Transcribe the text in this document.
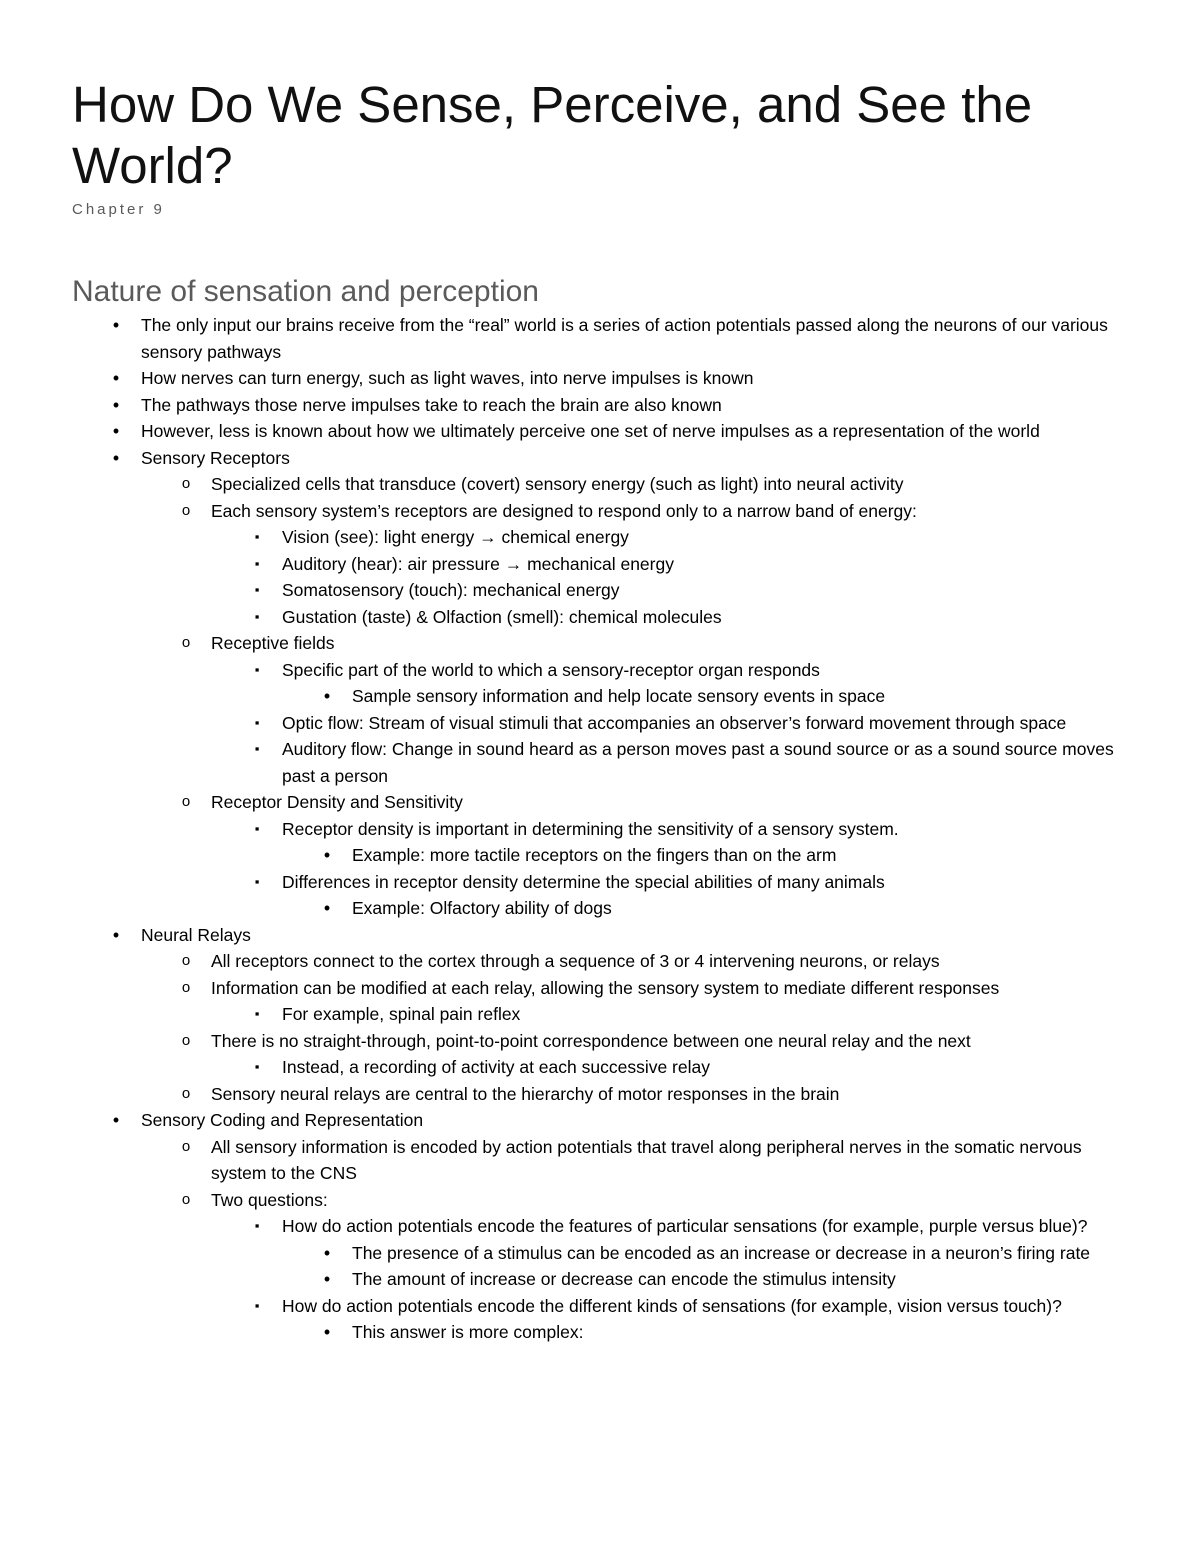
How Do We Sense, Perceive, and See the World?

Chapter 9

Nature of sensation and perception
•	The only input our brains receive from the “real” world is a series of action potentials passed along the neurons of our various sensory pathways
•	How nerves can turn energy, such as light waves, into nerve impulses is known
•	The pathways those nerve impulses take to reach the brain are also known
•	However, less is known about how we ultimately perceive one set of nerve impulses as a representation of the world
•	Sensory Receptors
o	Specialized cells that transduce (covert) sensory energy (such as light) into neural activity
o	Each sensory system’s receptors are designed to respond only to a narrow band of energy:
▪	Vision (see): light energy → chemical energy
▪	Auditory (hear): air pressure → mechanical energy
▪	Somatosensory (touch): mechanical energy
▪	Gustation (taste) & Olfaction (smell): chemical molecules
o	Receptive fields
▪	Specific part of the world to which a sensory-receptor organ responds
•	Sample sensory information and help locate sensory events in space
▪	Optic flow: Stream of visual stimuli that accompanies an observer’s forward movement through space
▪	Auditory flow: Change in sound heard as a person moves past a sound source or as a sound source moves past a person
o	Receptor Density and Sensitivity
▪	Receptor density is important in determining the sensitivity of a sensory system.
•	Example: more tactile receptors on the fingers than on the arm
▪	Differences in receptor density determine the special abilities of many animals
•	Example: Olfactory ability of dogs
•	Neural Relays
o	All receptors connect to the cortex through a sequence of 3 or 4 intervening neurons, or relays
o	Information can be modified at each relay, allowing the sensory system to mediate different responses
▪	For example, spinal pain reflex
o	There is no straight-through, point-to-point correspondence between one neural relay and the next
▪	Instead, a recording of activity at each successive relay
o	Sensory neural relays are central to the hierarchy of motor responses in the brain
•	Sensory Coding and Representation
o	All sensory information is encoded by action potentials that travel along peripheral nerves in the somatic nervous system to the CNS
o	Two questions:
▪	How do action potentials encode the features of particular sensations (for example, purple versus blue)?
•	The presence of a stimulus can be encoded as an increase or decrease in a neuron’s firing rate
•	The amount of increase or decrease can encode the stimulus intensity
▪	How do action potentials encode the different kinds of sensations (for example, vision versus touch)?
•	This answer is more complex:
